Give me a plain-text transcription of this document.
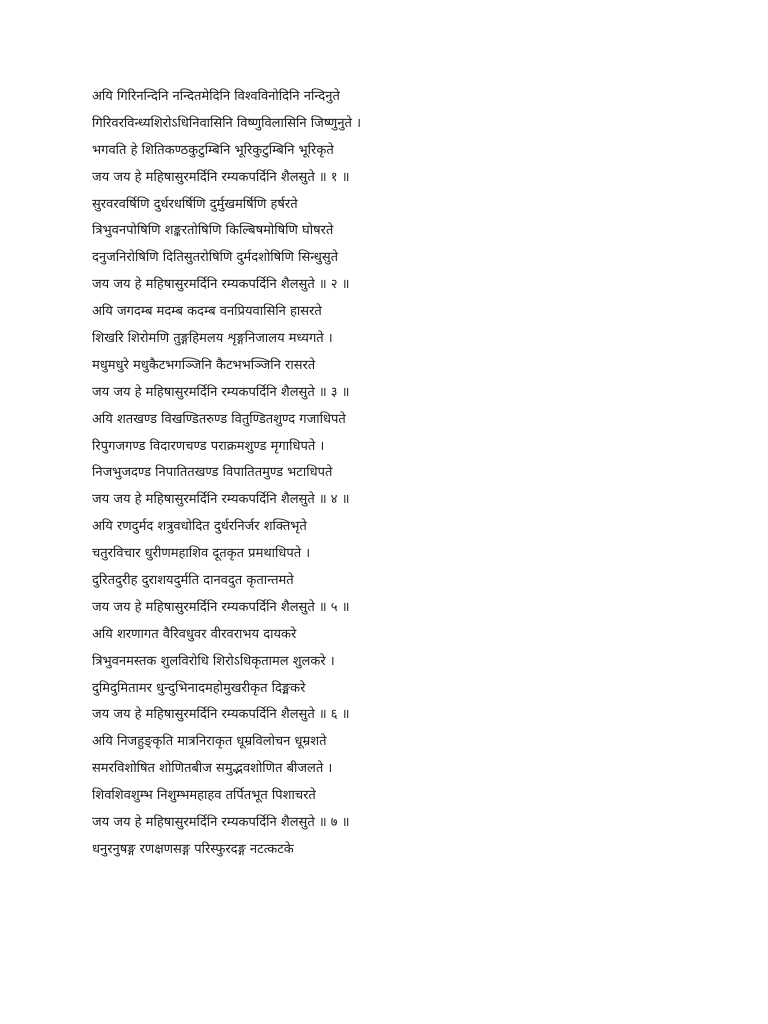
अयि गिरिनन्दिनि नन्दितमेदिनि विश्वविनोदिनि नन्दिनुते
गिरिवरविन्ध्यशिरोऽधिनिवासिनि विष्णुविलासिनि जिष्णुनुते ।
भगवति हे शितिकण्ठकुटुम्बिनि भूरिकुटुम्बिनि भूरिकृते
जय जय हे महिषासुरमर्दिनि रम्यकपर्दिनि शैलसुते ॥ १ ॥
सुरवरवर्षिणि दुर्धरधर्षिणि दुर्मुखमर्षिणि हर्षरते
त्रिभुवनपोषिणि शङ्करतोषिणि किल्बिषमोषिणि घोषरते
दनुजनिरोषिणि दितिसुतरोषिणि दुर्मदशोषिणि सिन्धुसुते
जय जय हे महिषासुरमर्दिनि रम्यकपर्दिनि शैलसुते ॥ २ ॥
अयि जगदम्ब मदम्ब कदम्ब वनप्रियवासिनि हासरते
शिखरि शिरोमणि तुङ्गहिमलय शृङ्गनिजालय मध्यगते ।
मधुमधुरे मधुकैटभगञ्जिनि कैटभभञ्जिनि रासरते
जय जय हे महिषासुरमर्दिनि रम्यकपर्दिनि शैलसुते ॥ ३ ॥
अयि शतखण्ड विखण्डितरुण्ड वितुण्डितशुण्द गजाधिपते
रिपुगजगण्ड विदारणचण्ड पराक्रमशुण्ड मृगाधिपते ।
निजभुजदण्ड निपातितखण्ड विपातितमुण्ड भटाधिपते
जय जय हे महिषासुरमर्दिनि रम्यकपर्दिनि शैलसुते ॥ ४ ॥
अयि रणदुर्मद शत्रुवधोदित दुर्धरनिर्जर शक्तिभृते
चतुरविचार धुरीणमहाशिव दूतकृत प्रमथाधिपते ।
दुरितदुरीह दुराशयदुर्मति दानवदुत कृतान्तमते
जय जय हे महिषासुरमर्दिनि रम्यकपर्दिनि शैलसुते ॥ ५ ॥
अयि शरणागत वैरिवधुवर वीरवराभय दायकरे
त्रिभुवनमस्तक शुलविरोधि शिरोऽधिकृतामल शुलकरे ।
दुमिदुमितामर धुन्दुभिनादमहोमुखरीकृत दिङ्मकरे
जय जय हे महिषासुरमर्दिनि रम्यकपर्दिनि शैलसुते ॥ ६ ॥
अयि निजहुङ्कृति मात्रनिराकृत धूम्रविलोचन धूम्रशते
समरविशोषित शोणितबीज समुद्भवशोणित बीजलते ।
शिवशिवशुम्भ निशुम्भमहाहव तर्पितभूत पिशाचरते
जय जय हे महिषासुरमर्दिनि रम्यकपर्दिनि शैलसुते ॥ ७ ॥
धनुरनुषङ्ग रणक्षणसङ्ग परिस्फुरदङ्ग नटत्कटके
